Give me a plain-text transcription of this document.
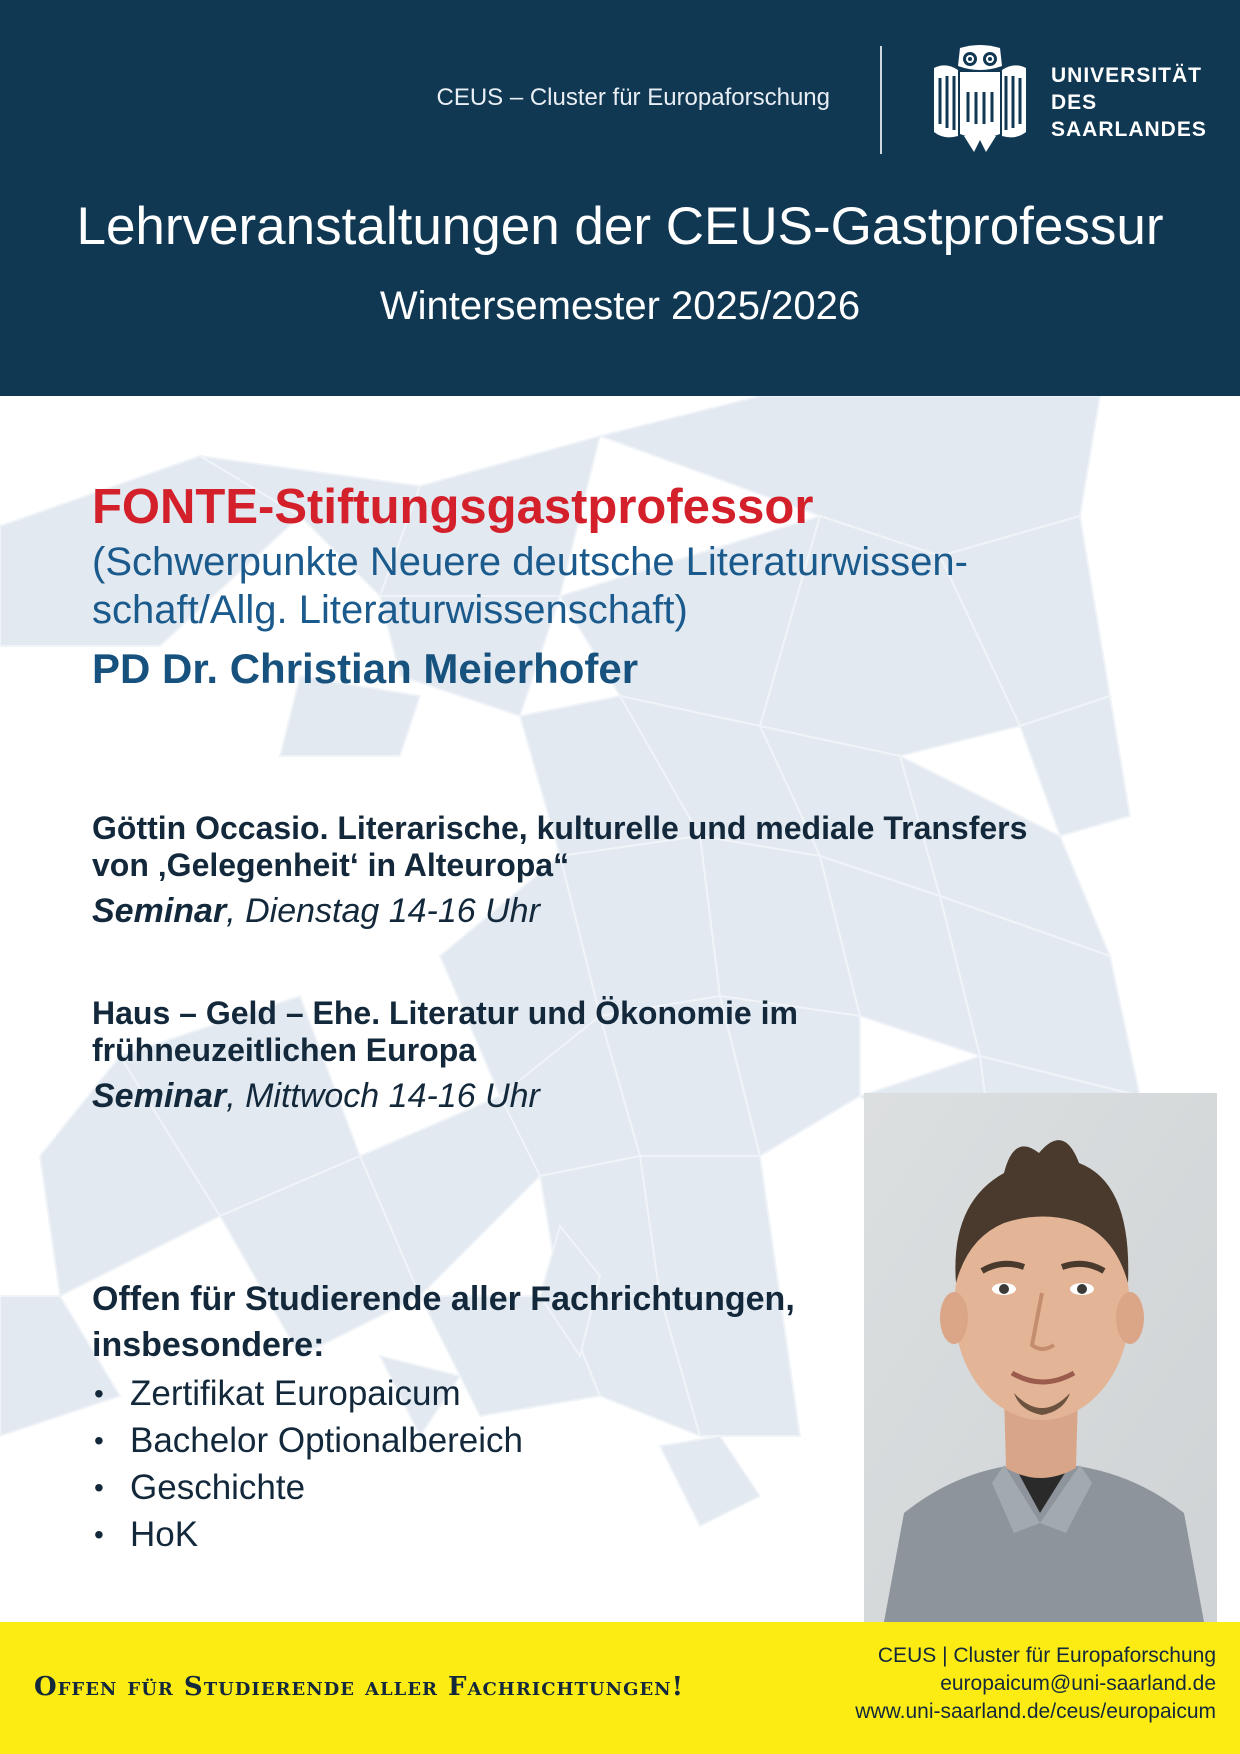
CEUS – Cluster für Europaforschung
UNIVERSITÄT
DES
SAARLANDES
Lehrveranstaltungen der CEUS-Gastprofessur
Wintersemester 2025/2026
FONTE-Stiftungsgastprofessor
(Schwerpunkte Neuere deutsche Literaturwissen-schaft/Allg. Literaturwissenschaft)
PD Dr. Christian Meierhofer
Göttin Occasio. Literarische, kulturelle und mediale Transfers von ‚Gelegenheit‘ in Alteuropa“
Seminar, Dienstag 14-16 Uhr
Haus – Geld – Ehe. Literatur und Ökonomie im frühneuzeitlichen Europa
Seminar, Mittwoch 14-16 Uhr
Offen für Studierende aller Fachrichtungen, insbesondere:
• Zertifikat Europaicum
• Bachelor Optionalbereich
• Geschichte
• HoK
Offen für Studierende aller Fachrichtungen!
CEUS | Cluster für Europaforschung
europaicum@uni-saarland.de
www.uni-saarland.de/ceus/europaicum
